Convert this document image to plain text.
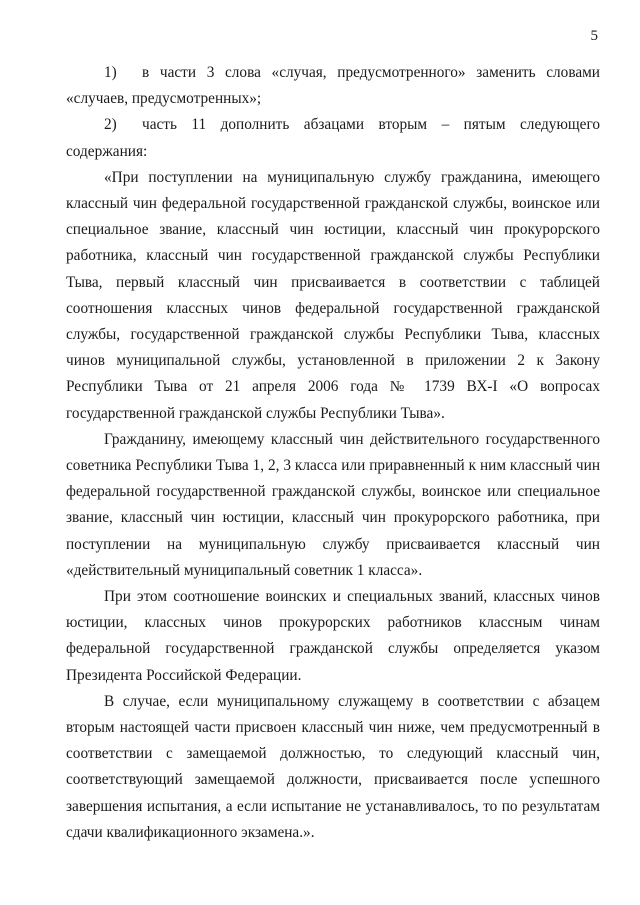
5

1) в части 3 слова «случая, предусмотренного» заменить словами «случаев, предусмотренных»;

2) часть 11 дополнить абзацами вторым – пятым следующего содержания:

«При поступлении на муниципальную службу гражданина, имеющего классный чин федеральной государственной гражданской службы, воинское или специальное звание, классный чин юстиции, классный чин прокурорского работника, классный чин государственной гражданской службы Республики Тыва, первый классный чин присваивается в соответствии с таблицей соотношения классных чинов федеральной государственной гражданской службы, государственной гражданской службы Республики Тыва, классных чинов муниципальной службы, установленной в приложении 2 к Закону Республики Тыва от 21 апреля 2006 года № 1739 ВХ-I «О вопросах государственной гражданской службы Республики Тыва».

Гражданину, имеющему классный чин действительного государственного советника Республики Тыва 1, 2, 3 класса или приравненный к ним классный чин федеральной государственной гражданской службы, воинское или специальное звание, классный чин юстиции, классный чин прокурорского работника, при поступлении на муниципальную службу присваивается классный чин «действительный муниципальный советник 1 класса».

При этом соотношение воинских и специальных званий, классных чинов юстиции, классных чинов прокурорских работников классным чинам федеральной государственной гражданской службы определяется указом Президента Российской Федерации.

В случае, если муниципальному служащему в соответствии с абзацем вторым настоящей части присвоен классный чин ниже, чем предусмотренный в соответствии с замещаемой должностью, то следующий классный чин, соответствующий замещаемой должности, присваивается после успешного завершения испытания, а если испытание не устанавливалось, то по результатам сдачи квалификационного экзамена.».
